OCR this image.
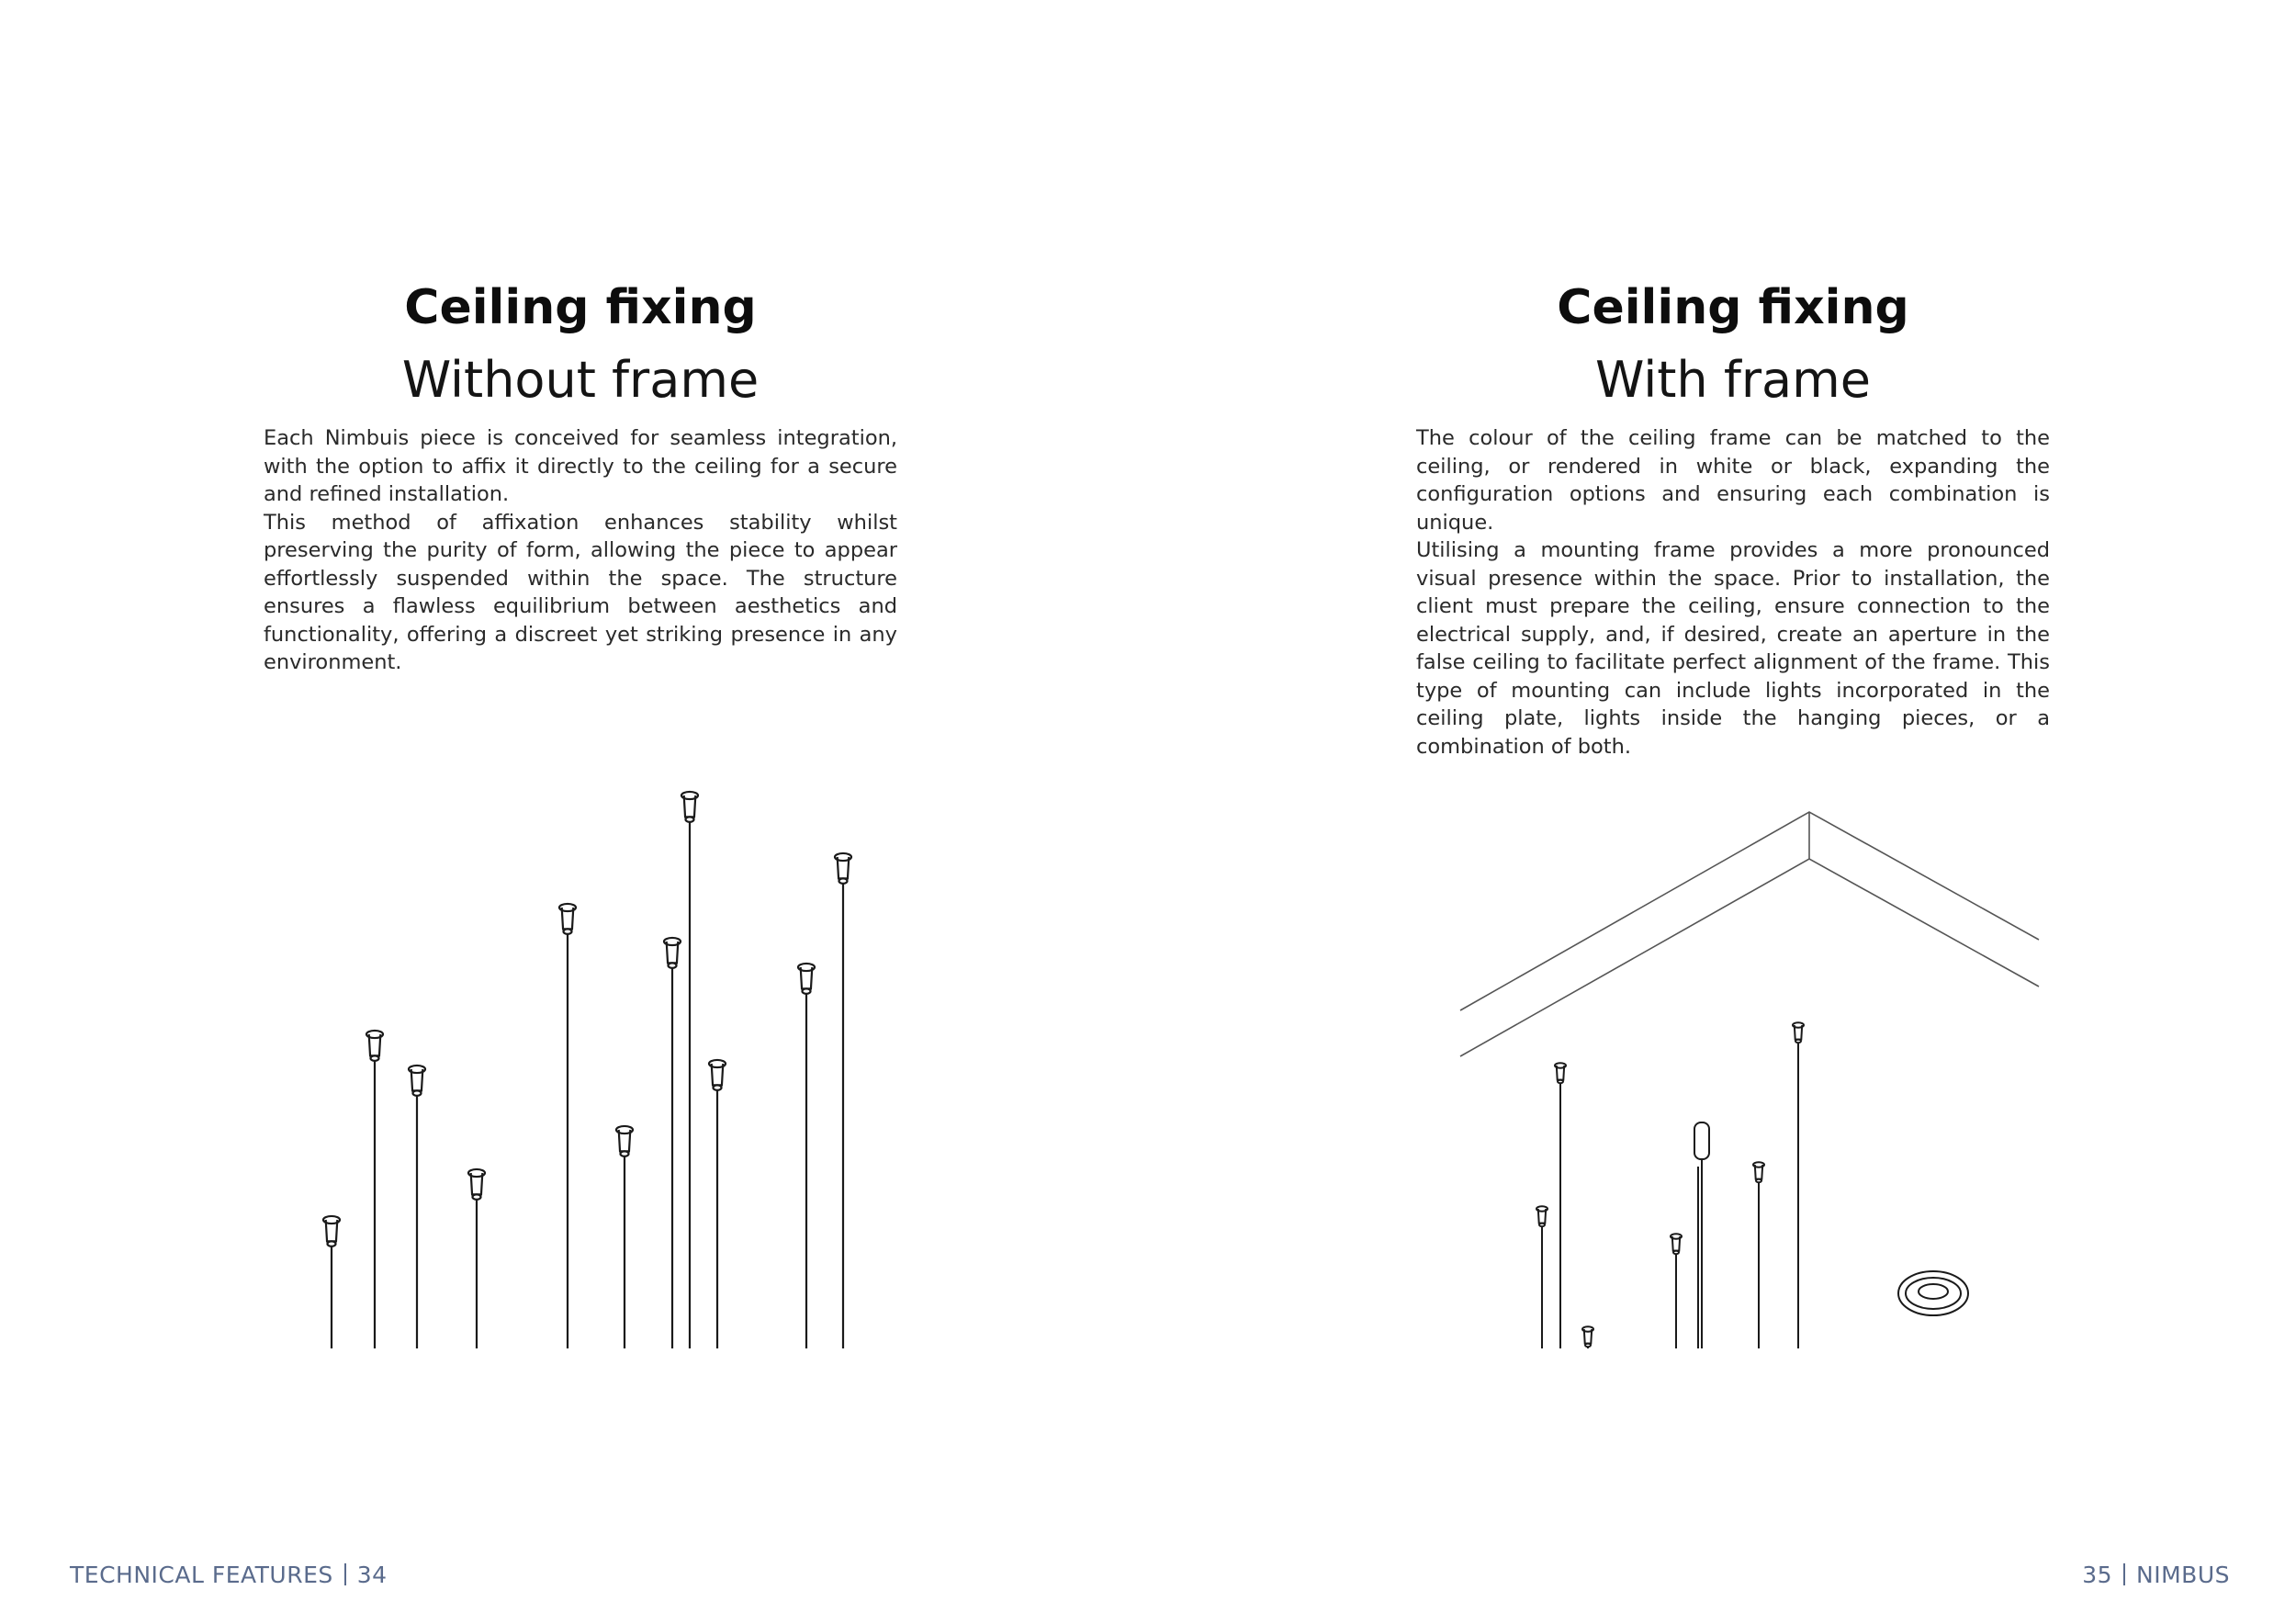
Ceiling fixing
Without frame

Each Nimbuis piece is conceived for seamless integration, with the option to affix it directly to the ceiling for a secure and refined installation.

This method of affixation enhances stability whilst preserving the purity of form, allowing the piece to appear effortlessly suspended within the space. The structure ensures a flawless equilibrium between aesthetics and functionality, offering a discreet yet striking presence in any environment.

Ceiling fixing
With frame

The colour of the ceiling frame can be matched to the ceiling, or rendered in white or black, expanding the configuration options and ensuring each combination is unique.

Utilising a mounting frame provides a more pronounced visual presence within the space. Prior to installation, the client must prepare the ceiling, ensure connection to the electrical supply, and, if desired, create an aperture in the false ceiling to facilitate perfect alignment of the frame. This type of mounting can include lights incorporated in the ceiling plate, lights inside the hanging pieces, or a combination of both.

TECHNICAL FEATURES 34	35 NIMBUS
